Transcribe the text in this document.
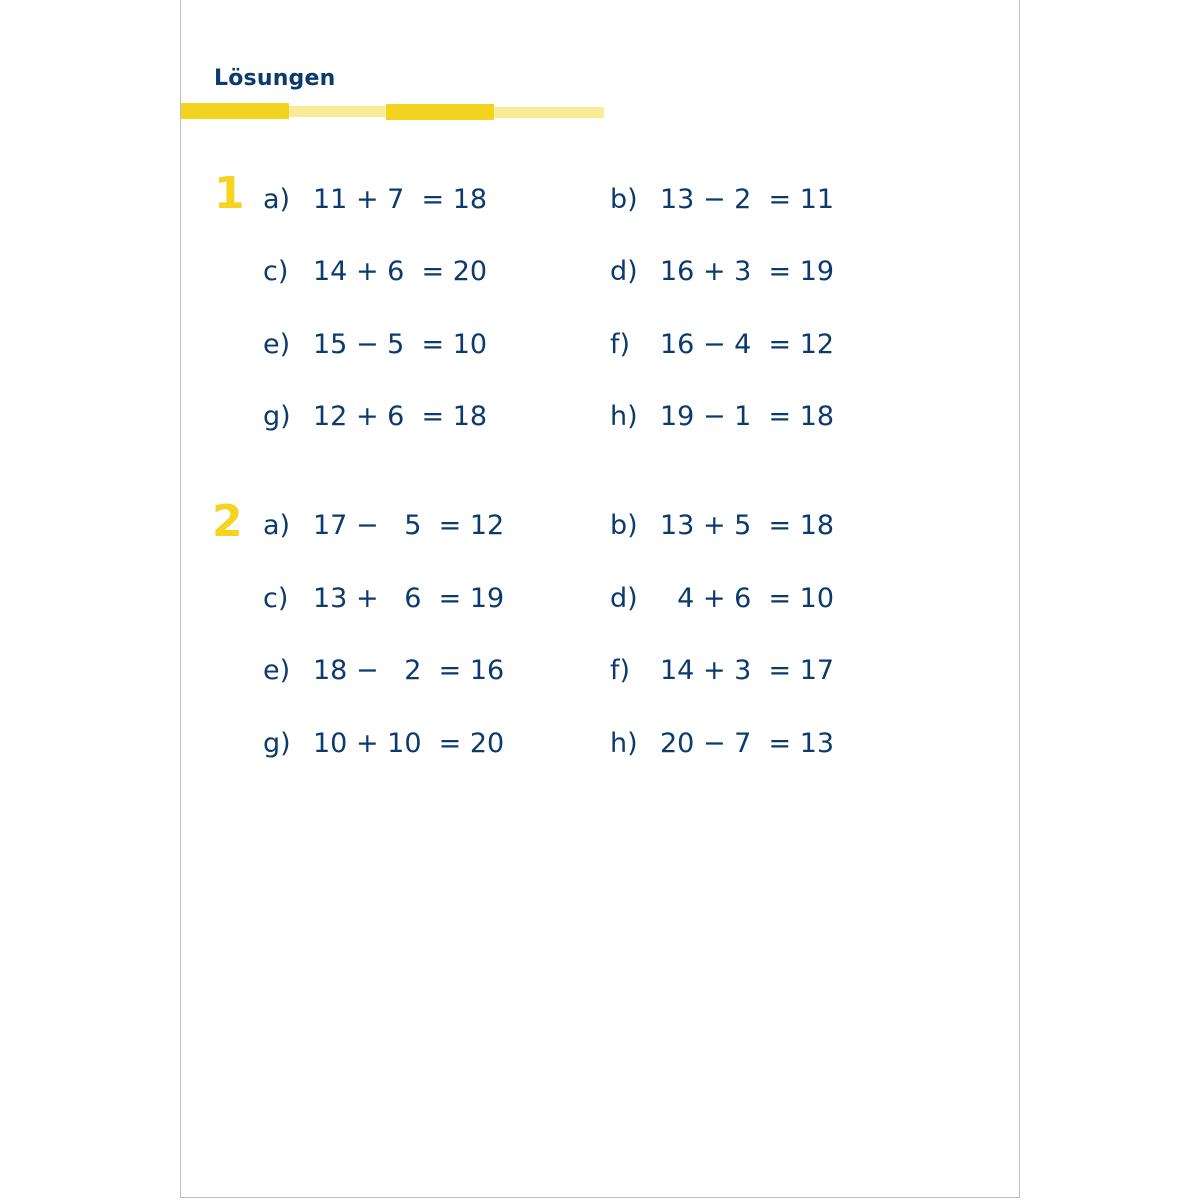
Lösungen
1 a) 11 + 7  = 18	b) 13 − 2  = 11
c) 14 + 6  = 20	d) 16 + 3  = 19
e) 15 − 5  = 10	f)	16 − 4  = 12
g) 12 + 6  = 18	h) 19 − 1  = 18
2 a) 17 −   5  = 12	b) 13 + 5  = 18
c) 13 +   6  = 19	d) 4 + 6  = 10
e) 18 −   2  = 16	f)	14 + 3  = 17
g) 10 + 10  = 20	h) 20 − 7  = 13
